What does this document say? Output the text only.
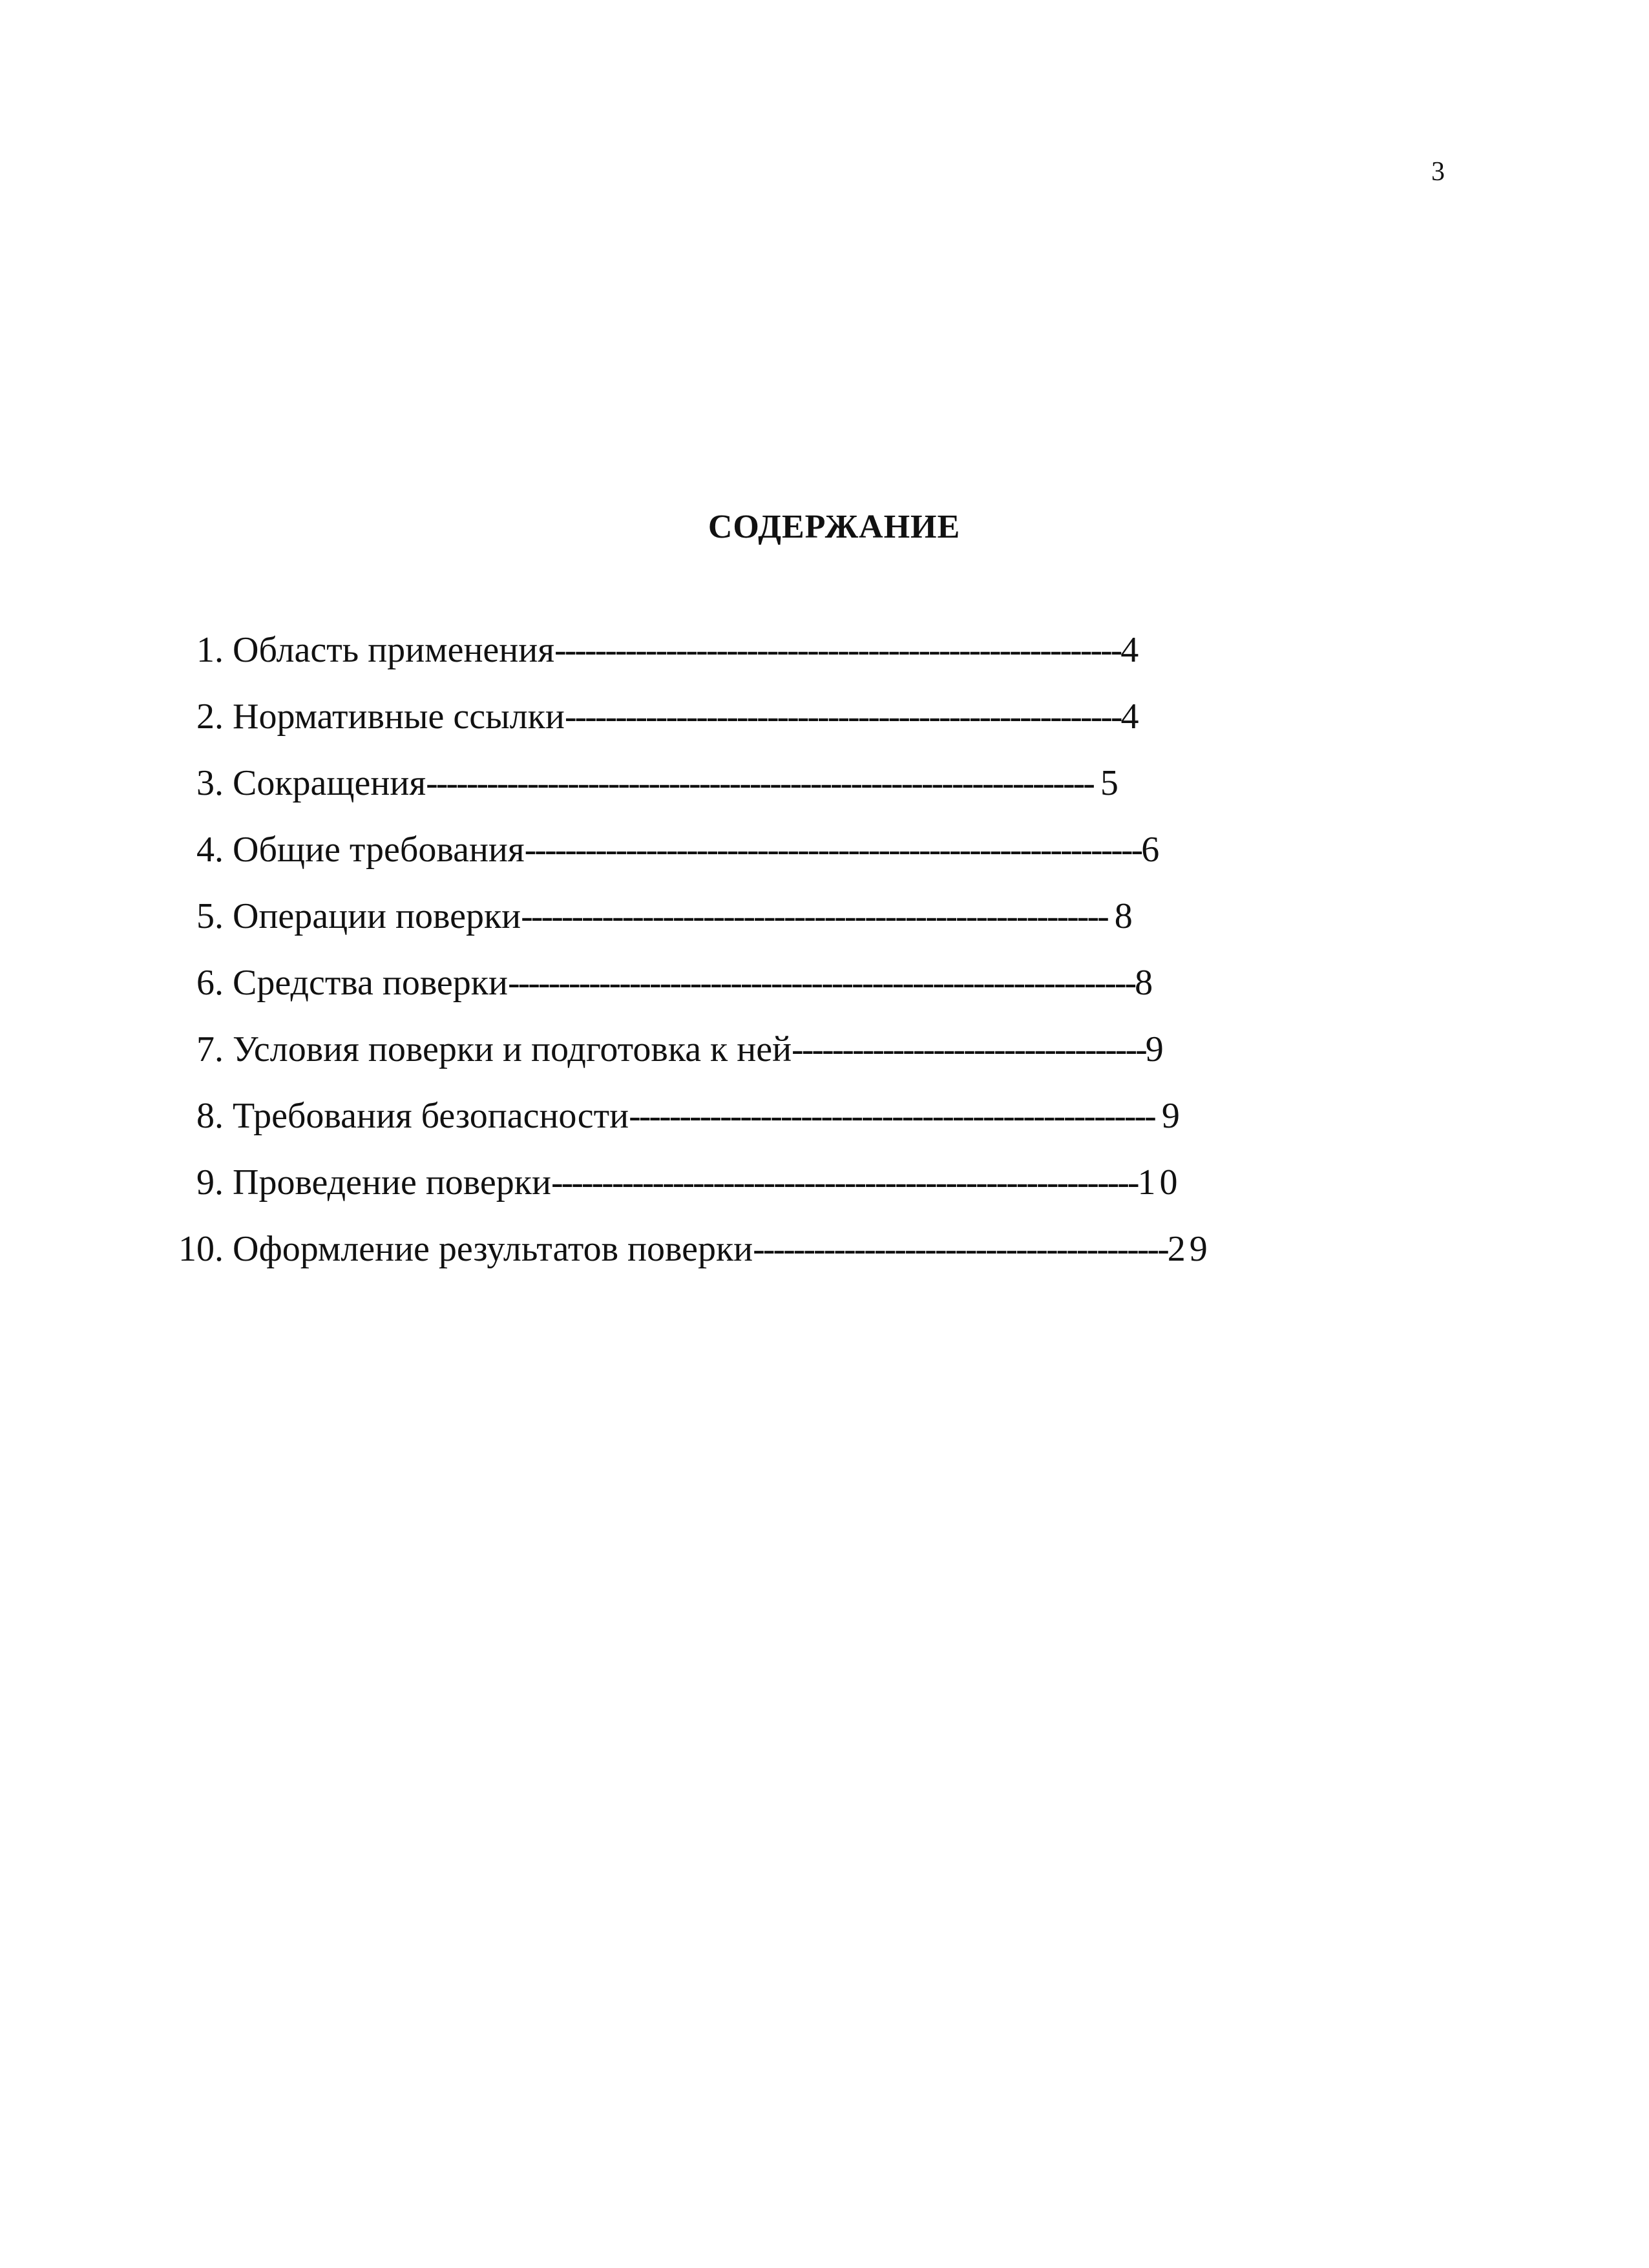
3
СОДЕРЖАНИЕ
1. Область применения -------------------------------------------------------- 4
2. Нормативные ссылки ------------------------------------------------------- 4
3. Сокращения ------------------------------------------------------------------ 5
4. Общие требования ------------------------------------------------------------- 6
5. Операции поверки ---------------------------------------------------------- 8
6. Средства поверки -------------------------------------------------------------- 8
7. Условия поверки и подготовка к ней ----------------------------------- 9
8. Требования безопасности ---------------------------------------------------- 9
9. Проведение поверки ---------------------------------------------------------- 10
10. Оформление результатов поверки ----------------------------------------- 29
